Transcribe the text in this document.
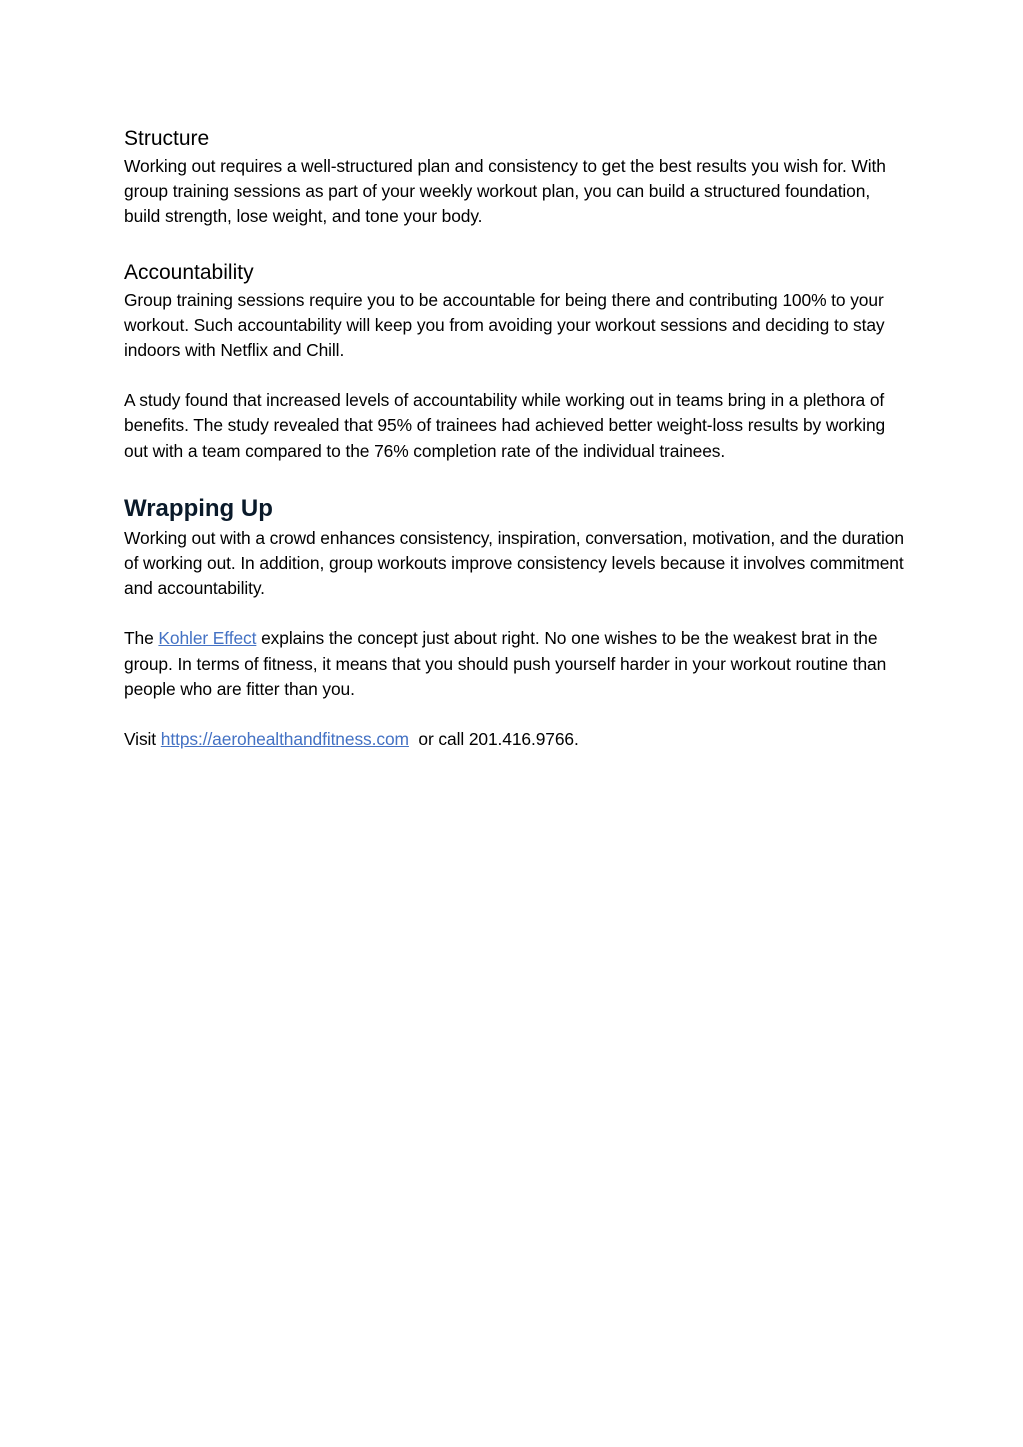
Structure

Working out requires a well-structured plan and consistency to get the best results you wish for. With group training sessions as part of your weekly workout plan, you can build a structured foundation, build strength, lose weight, and tone your body.

Accountability

Group training sessions require you to be accountable for being there and contributing 100% to your workout. Such accountability will keep you from avoiding your workout sessions and deciding to stay indoors with Netflix and Chill.

A study found that increased levels of accountability while working out in teams bring in a plethora of benefits. The study revealed that 95% of trainees had achieved better weight-loss results by working out with a team compared to the 76% completion rate of the individual trainees.

Wrapping Up

Working out with a crowd enhances consistency, inspiration, conversation, motivation, and the duration of working out. In addition, group workouts improve consistency levels because it involves commitment and accountability.

The Kohler Effect explains the concept just about right. No one wishes to be the weakest brat in the group. In terms of fitness, it means that you should push yourself harder in your workout routine than people who are fitter than you.

Visit https://aerohealthandfitness.com  or call 201.416.9766.
